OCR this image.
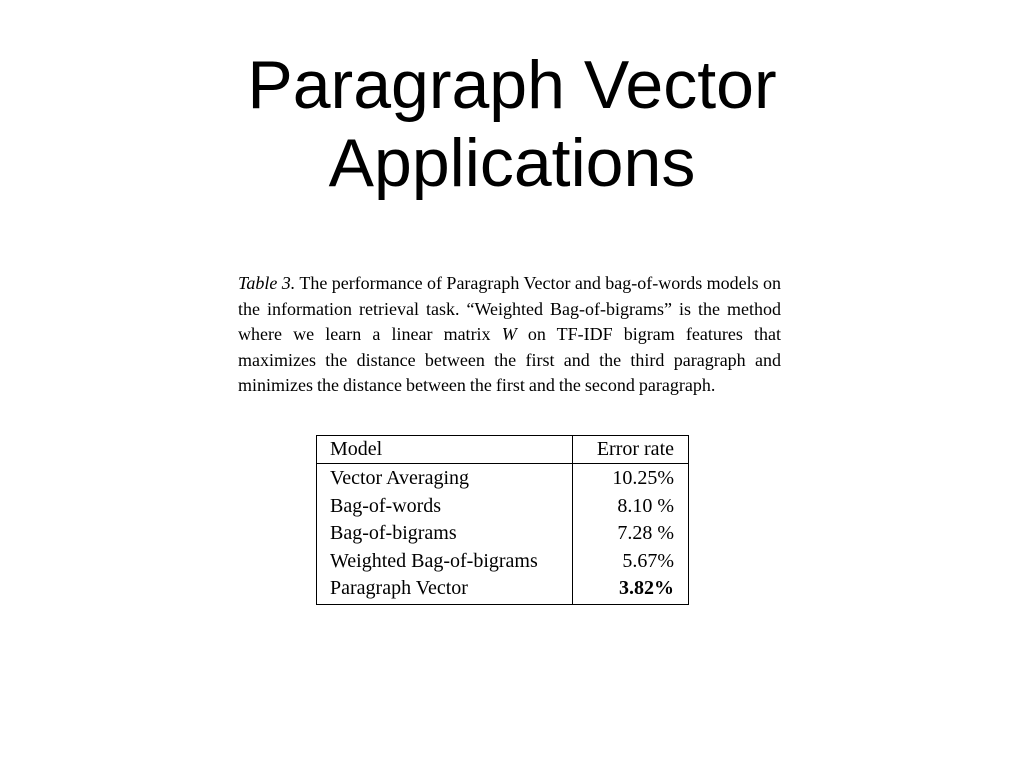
Paragraph Vector
Applications

Table 3. The performance of Paragraph Vector and bag-of-words models on the information retrieval task. “Weighted Bag-of-bigrams” is the method where we learn a linear matrix W on TF-IDF bigram features that maximizes the distance between the first and the third paragraph and minimizes the distance between the first and the second paragraph.

Model	Error rate
Vector Averaging	10.25%
Bag-of-words	8.10 %
Bag-of-bigrams	7.28 %
Weighted Bag-of-bigrams	5.67%
Paragraph Vector	3.82%
